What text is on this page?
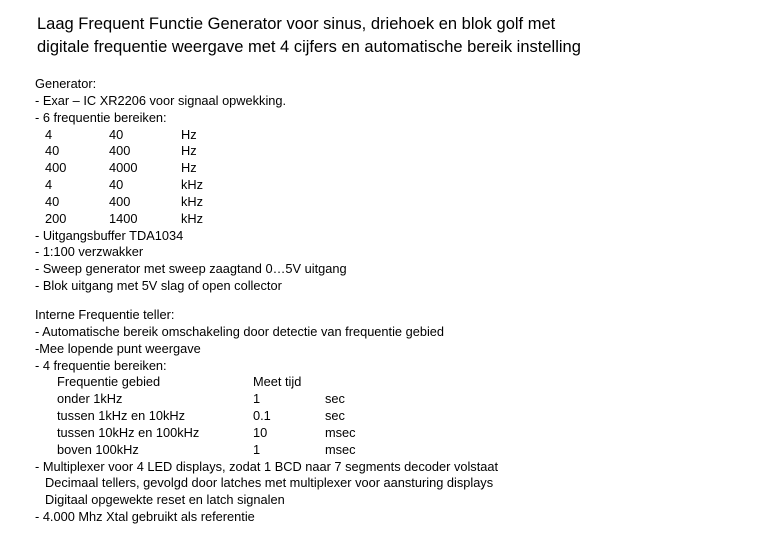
Laag Frequent Functie Generator voor sinus, driehoek en blok golf met
digitale frequentie weergave met 4 cijfers en automatische bereik instelling
Generator:
- Exar – IC XR2206 voor signaal opwekking.
- 6 frequentie bereiken:
4	40	Hz
40	400	Hz
400	4000	Hz
4	40	kHz
40	400	kHz
200	1400	kHz
- Uitgangsbuffer TDA1034
- 1:100 verzwakker
- Sweep generator met sweep zaagtand 0…5V uitgang
- Blok uitgang met 5V slag of open collector
Interne Frequentie teller:
- Automatische bereik omschakeling door detectie van frequentie gebied
-Mee lopende punt weergave
- 4 frequentie bereiken:
Frequentie gebied	Meet tijd
onder 1kHz	1	sec
tussen 1kHz en 10kHz	0.1	sec
tussen 10kHz en 100kHz	10	msec
boven 100kHz	1	msec
- Multiplexer voor 4 LED displays, zodat 1 BCD naar 7 segments decoder volstaat
Decimaal tellers, gevolgd door latches met multiplexer voor aansturing displays
Digitaal opgewekte reset en latch signalen
- 4.000 Mhz Xtal gebruikt als referentie
